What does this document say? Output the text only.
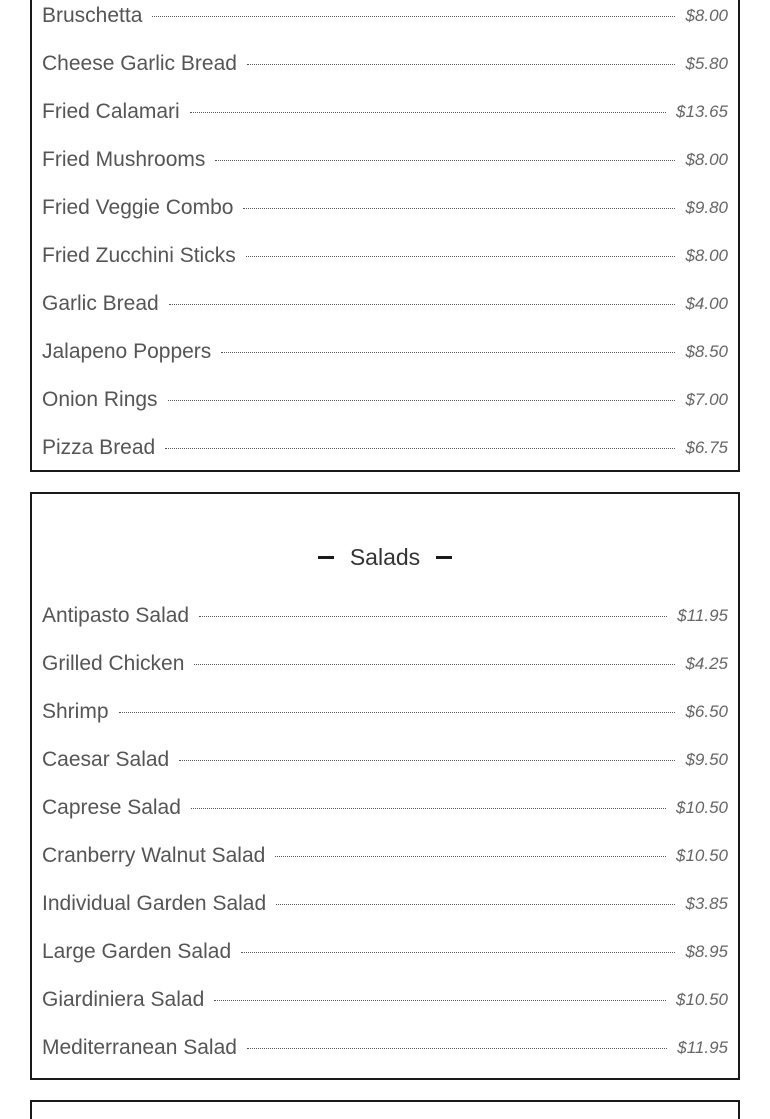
Bruschetta	$8.00
Cheese Garlic Bread	$5.80
Fried Calamari	$13.65
Fried Mushrooms	$8.00
Fried Veggie Combo	$9.80
Fried Zucchini Sticks	$8.00
Garlic Bread	$4.00
Jalapeno Poppers	$8.50
Onion Rings	$7.00
Pizza Bread	$6.75
Salads
Antipasto Salad	$11.95
Grilled Chicken	$4.25
Shrimp	$6.50
Caesar Salad	$9.50
Caprese Salad	$10.50
Cranberry Walnut Salad	$10.50
Individual Garden Salad	$3.85
Large Garden Salad	$8.95
Giardiniera Salad	$10.50
Mediterranean Salad	$11.95
